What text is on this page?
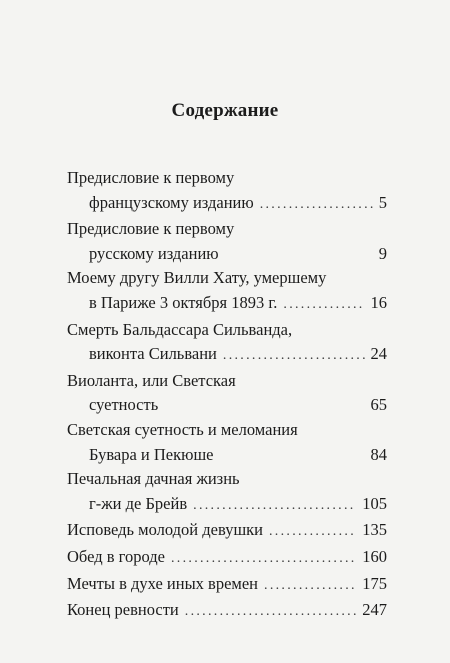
Содержание
Предисловие к первому
французскому изданию . . .	5
Предисловие к первому
русскому изданию	9
Моему другу Вилли Хату, умершему
в Париже 3 октября 1893 г. . . .	16
Смерть Бальдассара Сильванда,
виконта Сильвани . . .	24
Виоланта, или Светская
суетность	65
Светская суетность и меломания
Бувара и Пекюше	84
Печальная дачная жизнь
г-жи де Брейв . . .	105
Исповедь молодой девушки . . .	135
Обед в городе . . .	160
Мечты в духе иных времен . . .	175
Конец ревности . . .	247
